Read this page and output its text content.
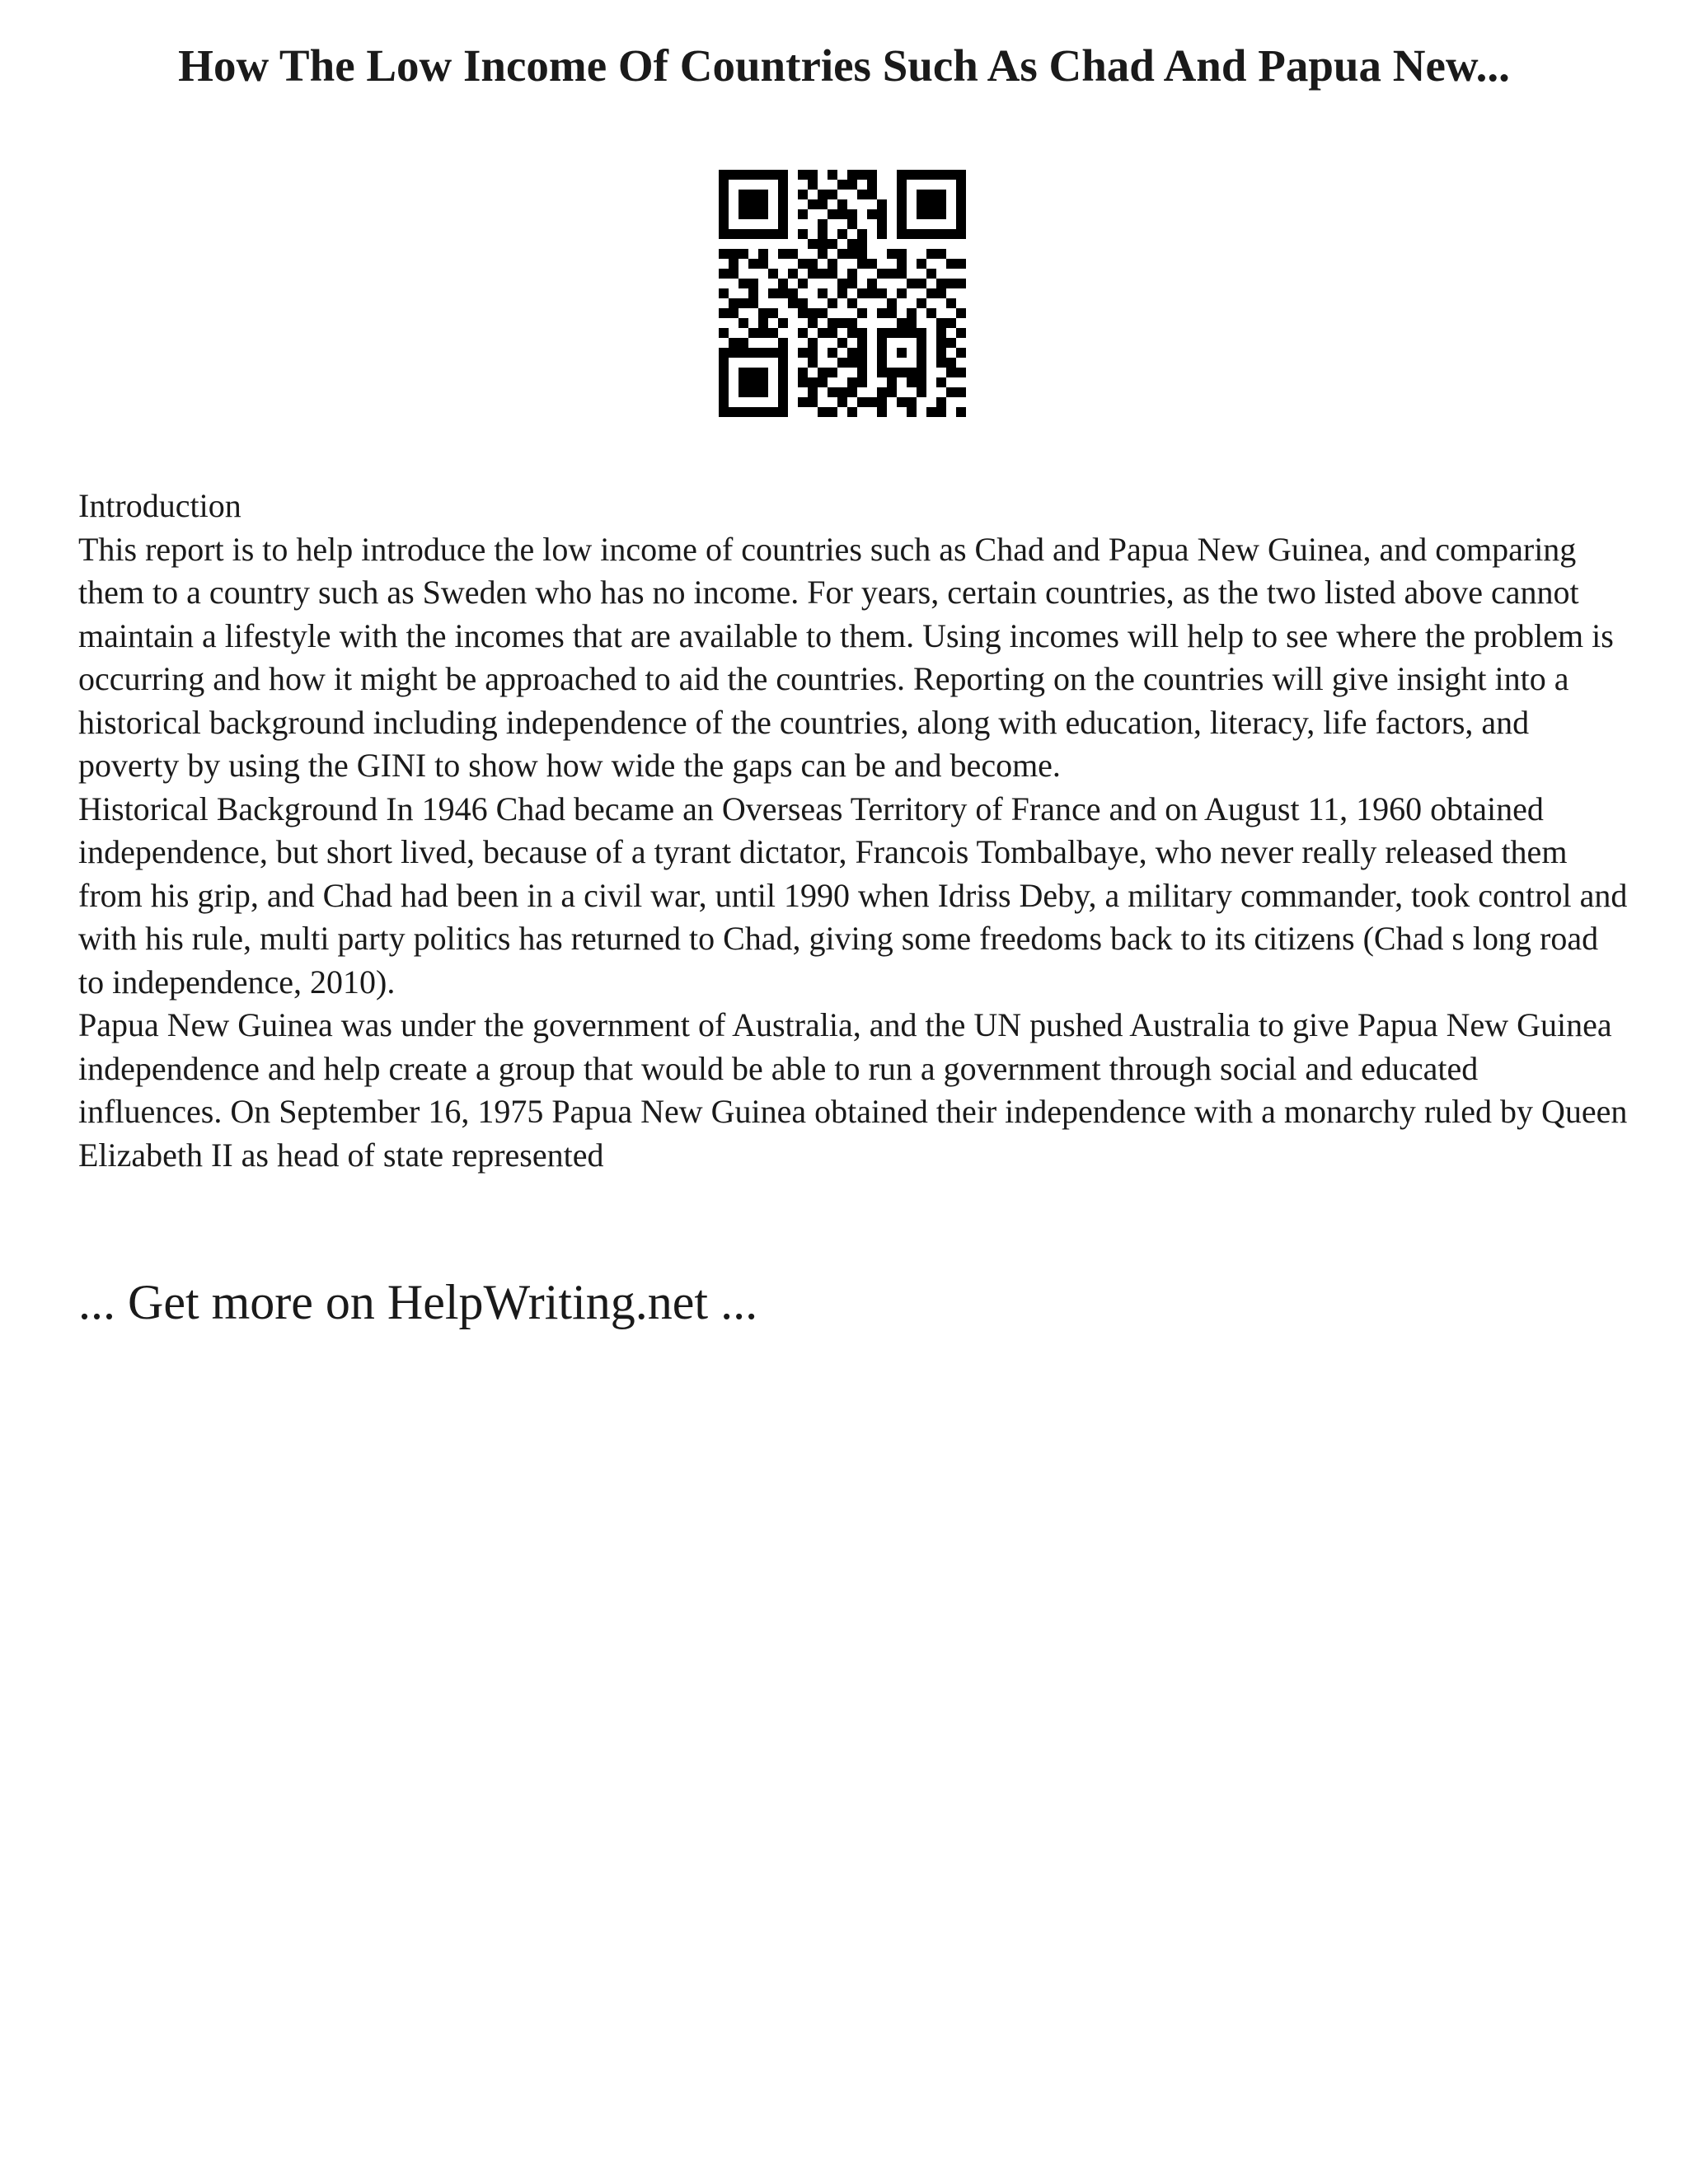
How The Low Income Of Countries Such As Chad And Papua New...

Introduction

This report is to help introduce the low income of countries such as Chad and Papua New Guinea, and comparing them to a country such as Sweden who has no income. For years, certain countries, as the two listed above cannot maintain a lifestyle with the incomes that are available to them. Using incomes will help to see where the problem is occurring and how it might be approached to aid the countries. Reporting on the countries will give insight into a historical background including independence of the countries, along with education, literacy, life factors, and poverty by using the GINI to show how wide the gaps can be and become.

Historical Background In 1946 Chad became an Overseas Territory of France and on August 11, 1960 obtained independence, but short lived, because of a tyrant dictator, Francois Tombalbaye, who never really released them from his grip, and Chad had been in a civil war, until 1990 when Idriss Deby, a military commander, took control and with his rule, multi party politics has returned to Chad, giving some freedoms back to its citizens (Chad s long road to independence, 2010).

Papua New Guinea was under the government of Australia, and the UN pushed Australia to give Papua New Guinea independence and help create a group that would be able to run a government through social and educated influences. On September 16, 1975 Papua New Guinea obtained their independence with a monarchy ruled by Queen Elizabeth II as head of state represented

... Get more on HelpWriting.net ...
